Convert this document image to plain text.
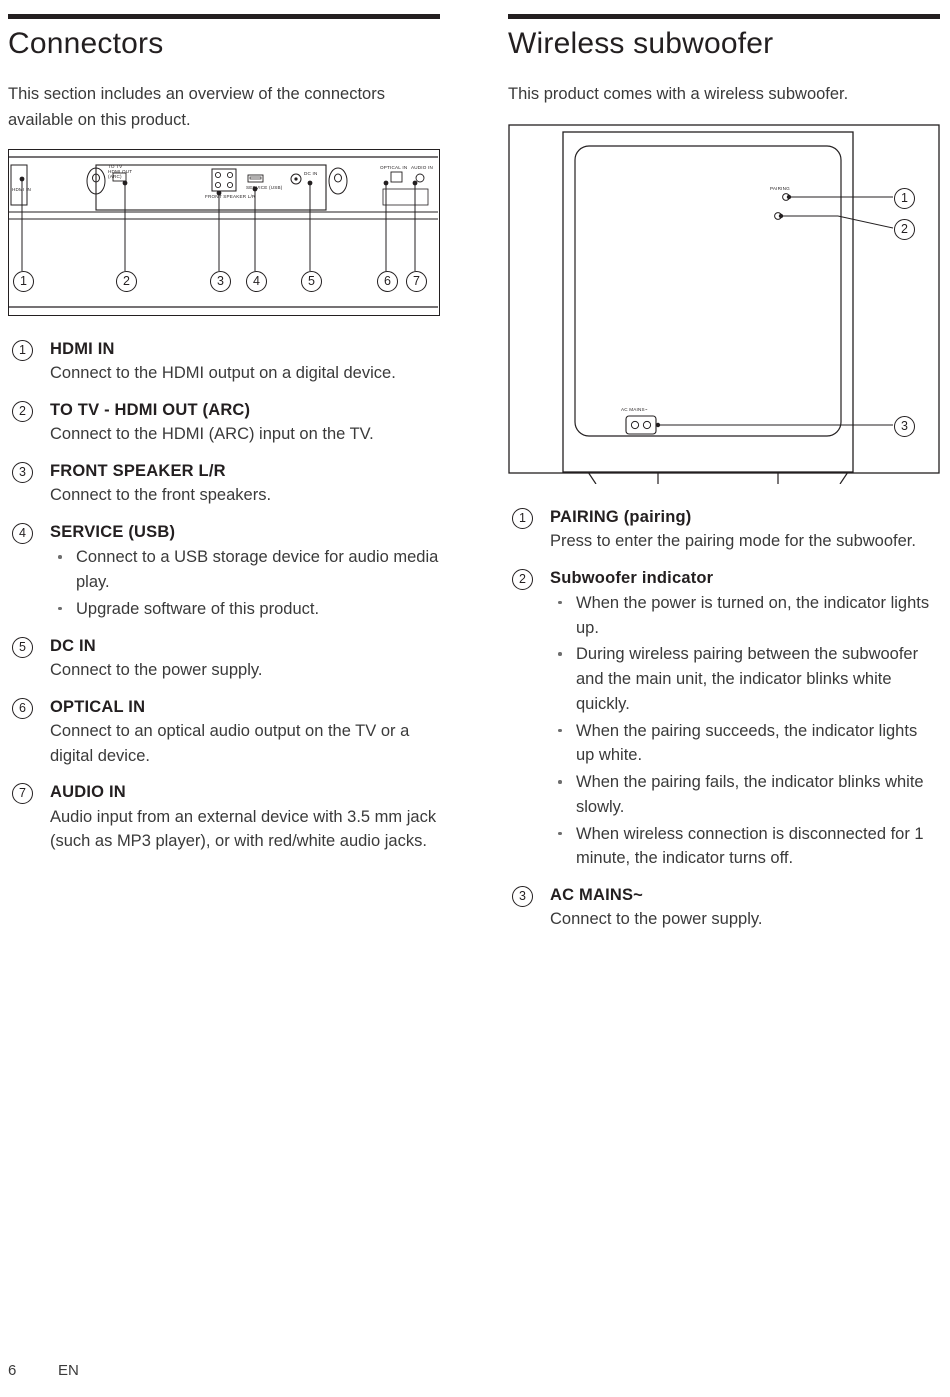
Connectors

This section includes an overview of the connectors available on this product.

HDMI IN
TO TV HDMI OUT (ARC)
FRONT SPEAKER L/R
SERVICE (USB)
DC IN
OPTICAL IN AUDIO IN
1	2	3	4	5	6	7
1	HDMI IN
Connect to the HDMI output on a digital device.
2	TO TV - HDMI OUT (ARC)
Connect to the HDMI (ARC) input on the TV.
3	FRONT SPEAKER L/R
Connect to the front speakers.
4	SERVICE (USB)
Connect to a USB storage device for audio media play.
Upgrade software of this product.
5	DC IN
Connect to the power supply.
6	OPTICAL IN
Connect to an optical audio output on the TV or a digital device.
7	AUDIO IN
Audio input from an external device with 3.5 mm jack (such as MP3 player), or with red/white audio jacks.
Wireless subwoofer

This product comes with a wireless subwoofer.

PAIRING
AC MAINS~
1
2
3
1	PAIRING (pairing)
Press to enter the pairing mode for the subwoofer.
2	Subwoofer indicator
When the power is turned on, the indicator lights up.
During wireless pairing between the subwoofer and the main unit, the indicator blinks white quickly.
When the pairing succeeds, the indicator lights up white.
When the pairing fails, the indicator blinks white slowly.
When wireless connection is disconnected for 1 minute, the indicator turns off.
3	AC MAINS~
Connect to the power supply.
6	EN
